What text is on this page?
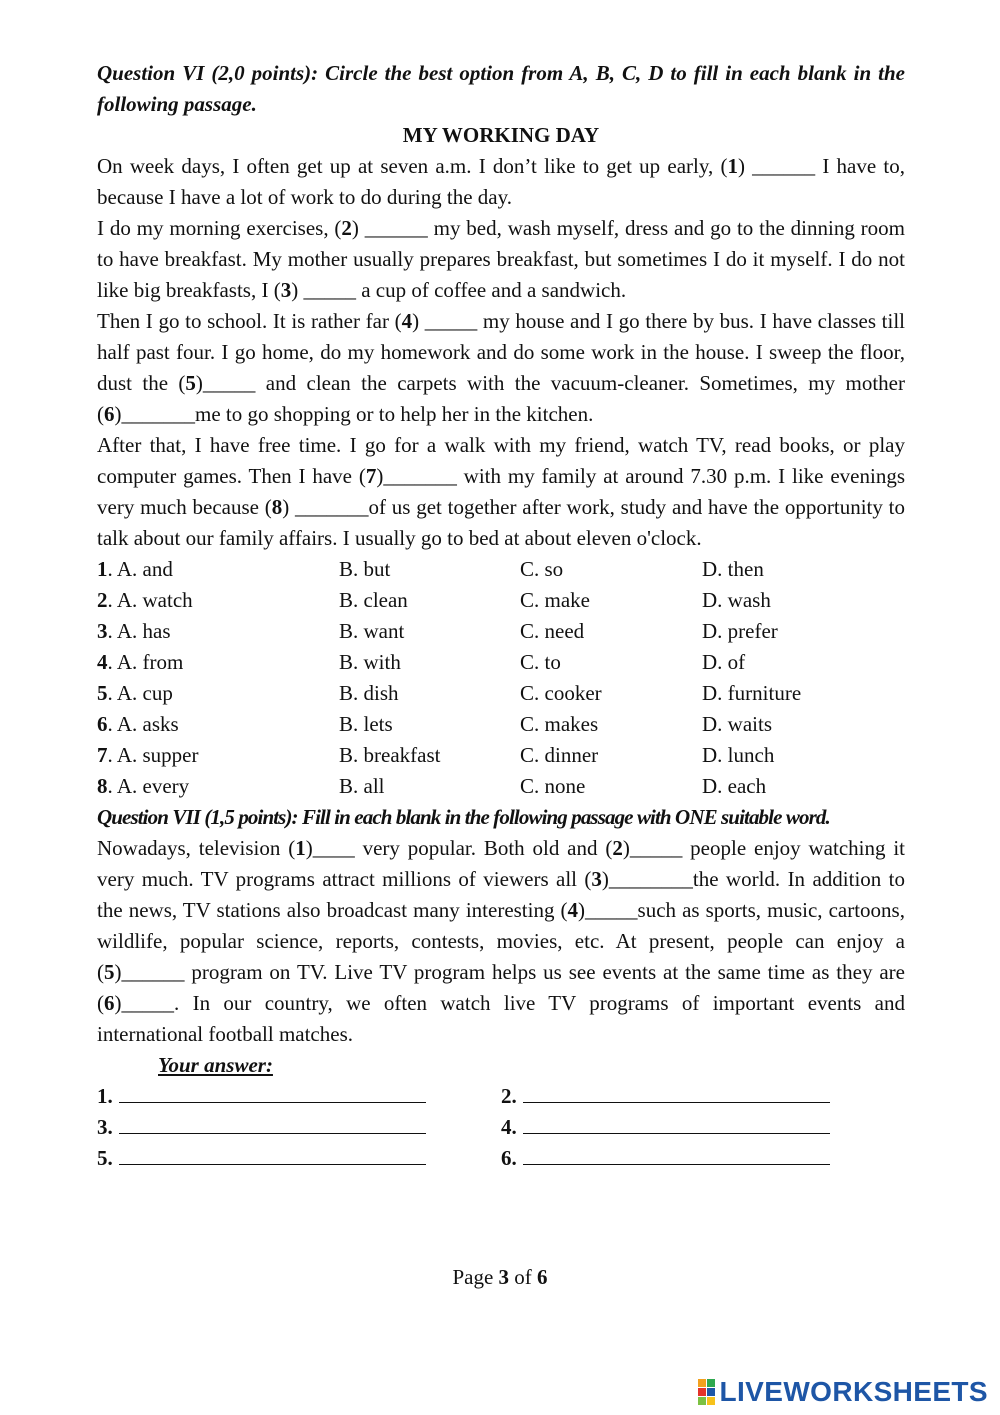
Question VI (2,0 points): Circle the best option from A, B, C, D to fill in each blank in the following passage.
MY WORKING DAY
On week days, I often get up at seven a.m. I don’t like to get up early, (1) ______ I have to, because I have a lot of work to do during the day.
I do my morning exercises, (2) ______ my bed, wash myself, dress and go to the dinning room to have breakfast. My mother usually prepares breakfast, but sometimes I do it myself. I do not like big breakfasts, I (3) _____ a cup of coffee and a sandwich.
Then I go to school. It is rather far (4) _____ my house and I go there by bus. I have classes till half past four. I go home, do my homework and do some work in the house. I sweep the floor, dust the (5)_____ and clean the carpets with the vacuum-cleaner. Sometimes, my mother (6)_______me to go shopping or to help her in the kitchen.
After that, I have free time. I go for a walk with my friend, watch TV, read books, or play computer games. Then I have (7)_______ with my family at around 7.30 p.m. I like evenings very much because (8) _______of us get together after work, study and have the opportunity to talk about our family affairs. I usually go to bed at about eleven o'clock.
1. A. and	B. but	C. so	D. then
2. A. watch	B. clean	C. make	D. wash
3. A. has	B. want	C. need	D. prefer
4. A. from	B. with	C. to	D. of
5. A. cup	B. dish	C. cooker	D. furniture
6. A. asks	B. lets	C. makes	D. waits
7. A. supper	B. breakfast	C. dinner	D. lunch
8. A. every	B. all	C. none	D. each
Question VII (1,5 points): Fill in each blank in the following passage with ONE suitable word.
Nowadays, television (1)____ very popular. Both old and (2)_____ people enjoy watching it very much. TV programs attract millions of viewers all (3)________the world. In addition to the news, TV stations also broadcast many interesting (4)_____such as sports, music, cartoons, wildlife, popular science, reports, contests, movies, etc. At present, people can enjoy a (5)______ program on TV. Live TV program helps us see events at the same time as they are (6)_____. In our country, we often watch live TV programs of important events and international football matches.
Your answer:
1.	2.
3.	4.
5.	6.
Page 3 of 6
LIVEWORKSHEETS
